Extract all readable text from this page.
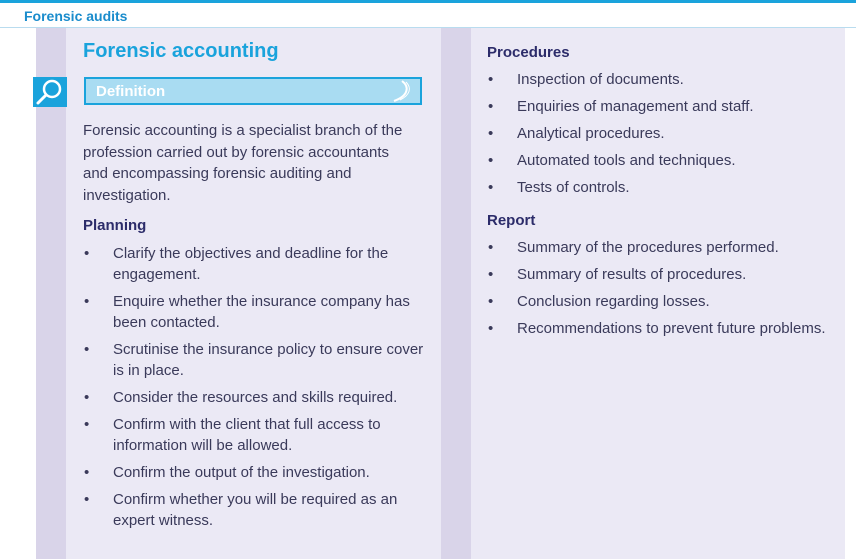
Forensic audits
Forensic accounting
Definition
Forensic accounting is a specialist branch of the profession carried out by forensic accountants and encompassing forensic auditing and investigation.
Planning
• Clarify the objectives and deadline for the engagement.
• Enquire whether the insurance company has been contacted.
• Scrutinise the insurance policy to ensure cover is in place.
• Consider the resources and skills required.
• Confirm with the client that full access to information will be allowed.
• Confirm the output of the investigation.
• Confirm whether you will be required as an expert witness.
Procedures
• Inspection of documents.
• Enquiries of management and staff.
• Analytical procedures.
• Automated tools and techniques.
• Tests of controls.
Report
• Summary of the procedures performed.
• Summary of results of procedures.
• Conclusion regarding losses.
• Recommendations to prevent future problems.
